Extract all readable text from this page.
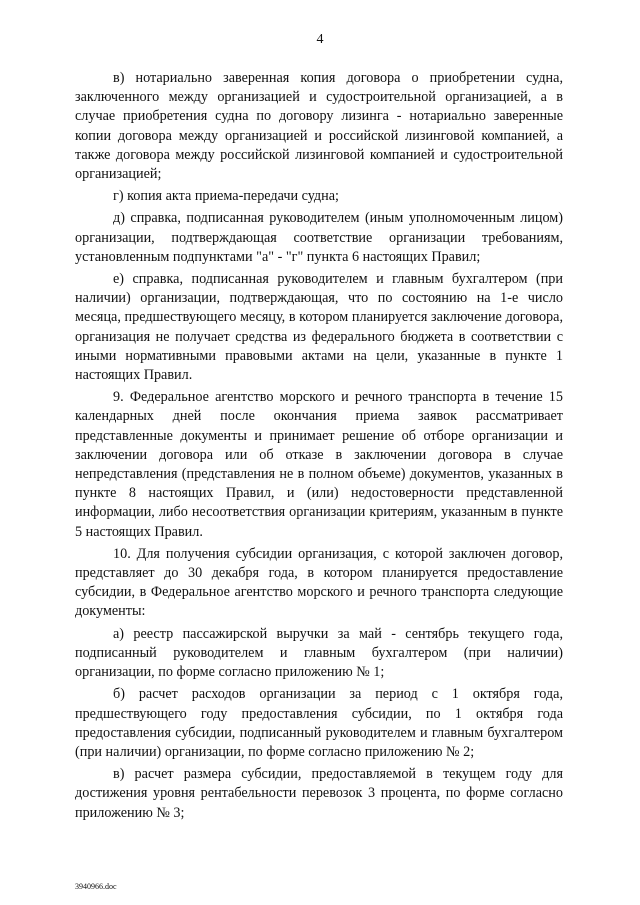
4

в) нотариально заверенная копия договора о приобретении судна, заключенного между организацией и судостроительной организацией, а в случае приобретения судна по договору лизинга - нотариально заверенные копии договора между организацией и российской лизинговой компанией, а также договора между российской лизинговой компанией и судостроительной организацией;

г) копия акта приема-передачи судна;

д) справка, подписанная руководителем (иным уполномоченным лицом) организации, подтверждающая соответствие организации требованиям, установленным подпунктами "а" - "г" пункта 6 настоящих Правил;

е) справка, подписанная руководителем и главным бухгалтером (при наличии) организации, подтверждающая, что по состоянию на 1-е число месяца, предшествующего месяцу, в котором планируется заключение договора, организация не получает средства из федерального бюджета в соответствии с иными нормативными правовыми актами на цели, указанные в пункте 1 настоящих Правил.

9. Федеральное агентство морского и речного транспорта в течение 15 календарных дней после окончания приема заявок рассматривает представленные документы и принимает решение об отборе организации и заключении договора или об отказе в заключении договора в случае непредставления (представления не в полном объеме) документов, указанных в пункте 8 настоящих Правил, и (или) недостоверности представленной информации, либо несоответствия организации критериям, указанным в пункте 5 настоящих Правил.

10. Для получения субсидии организация, с которой заключен договор, представляет до 30 декабря года, в котором планируется предоставление субсидии, в Федеральное агентство морского и речного транспорта следующие документы:

а) реестр пассажирской выручки за май - сентябрь текущего года, подписанный руководителем и главным бухгалтером (при наличии) организации, по форме согласно приложению № 1;

б) расчет расходов организации за период с 1 октября года, предшествующего году предоставления субсидии, по 1 октября года предоставления субсидии, подписанный руководителем и главным бухгалтером (при наличии) организации, по форме согласно приложению № 2;

в) расчет размера субсидии, предоставляемой в текущем году для достижения уровня рентабельности перевозок 3 процента, по форме согласно приложению № 3;

3940966.doc
